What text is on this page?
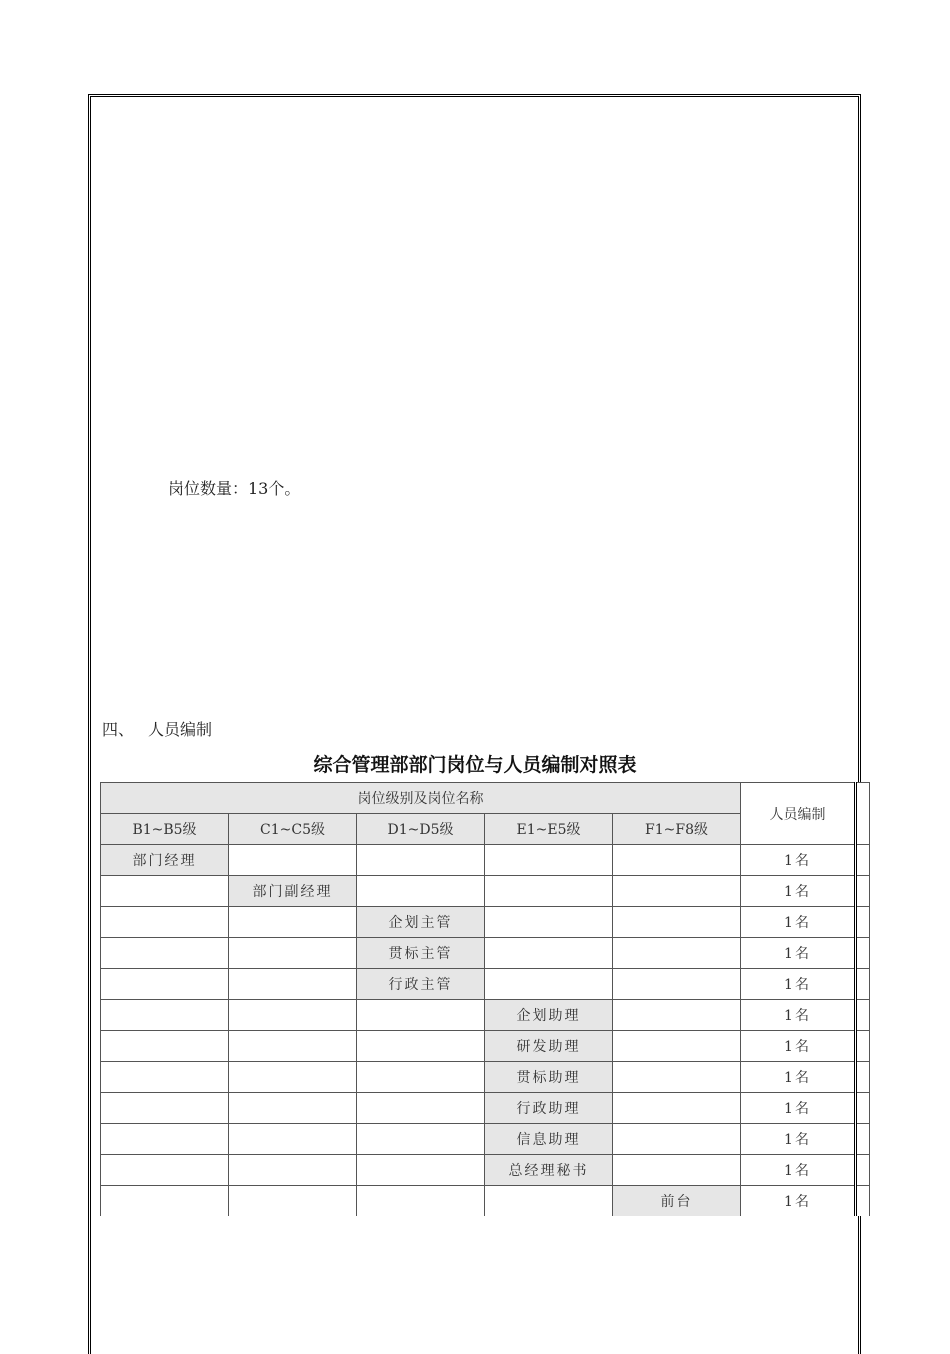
岗位数量：13个。
四、 人员编制
综合管理部部门岗位与人员编制对照表
岗位级别及岗位名称					人员编制	
B1~B5级	C1~C5级	D1~D5级	E1~E5级	F1~F8级		
部门经理					1名	
	部门副经理				1名	
		企划主管			1名	
		贯标主管			1名	
		行政主管			1名	
			企划助理		1名	
			研发助理		1名	
			贯标助理		1名	
			行政助理		1名	
			信息助理		1名	
			总经理秘书		1名	
				前台	1名	
